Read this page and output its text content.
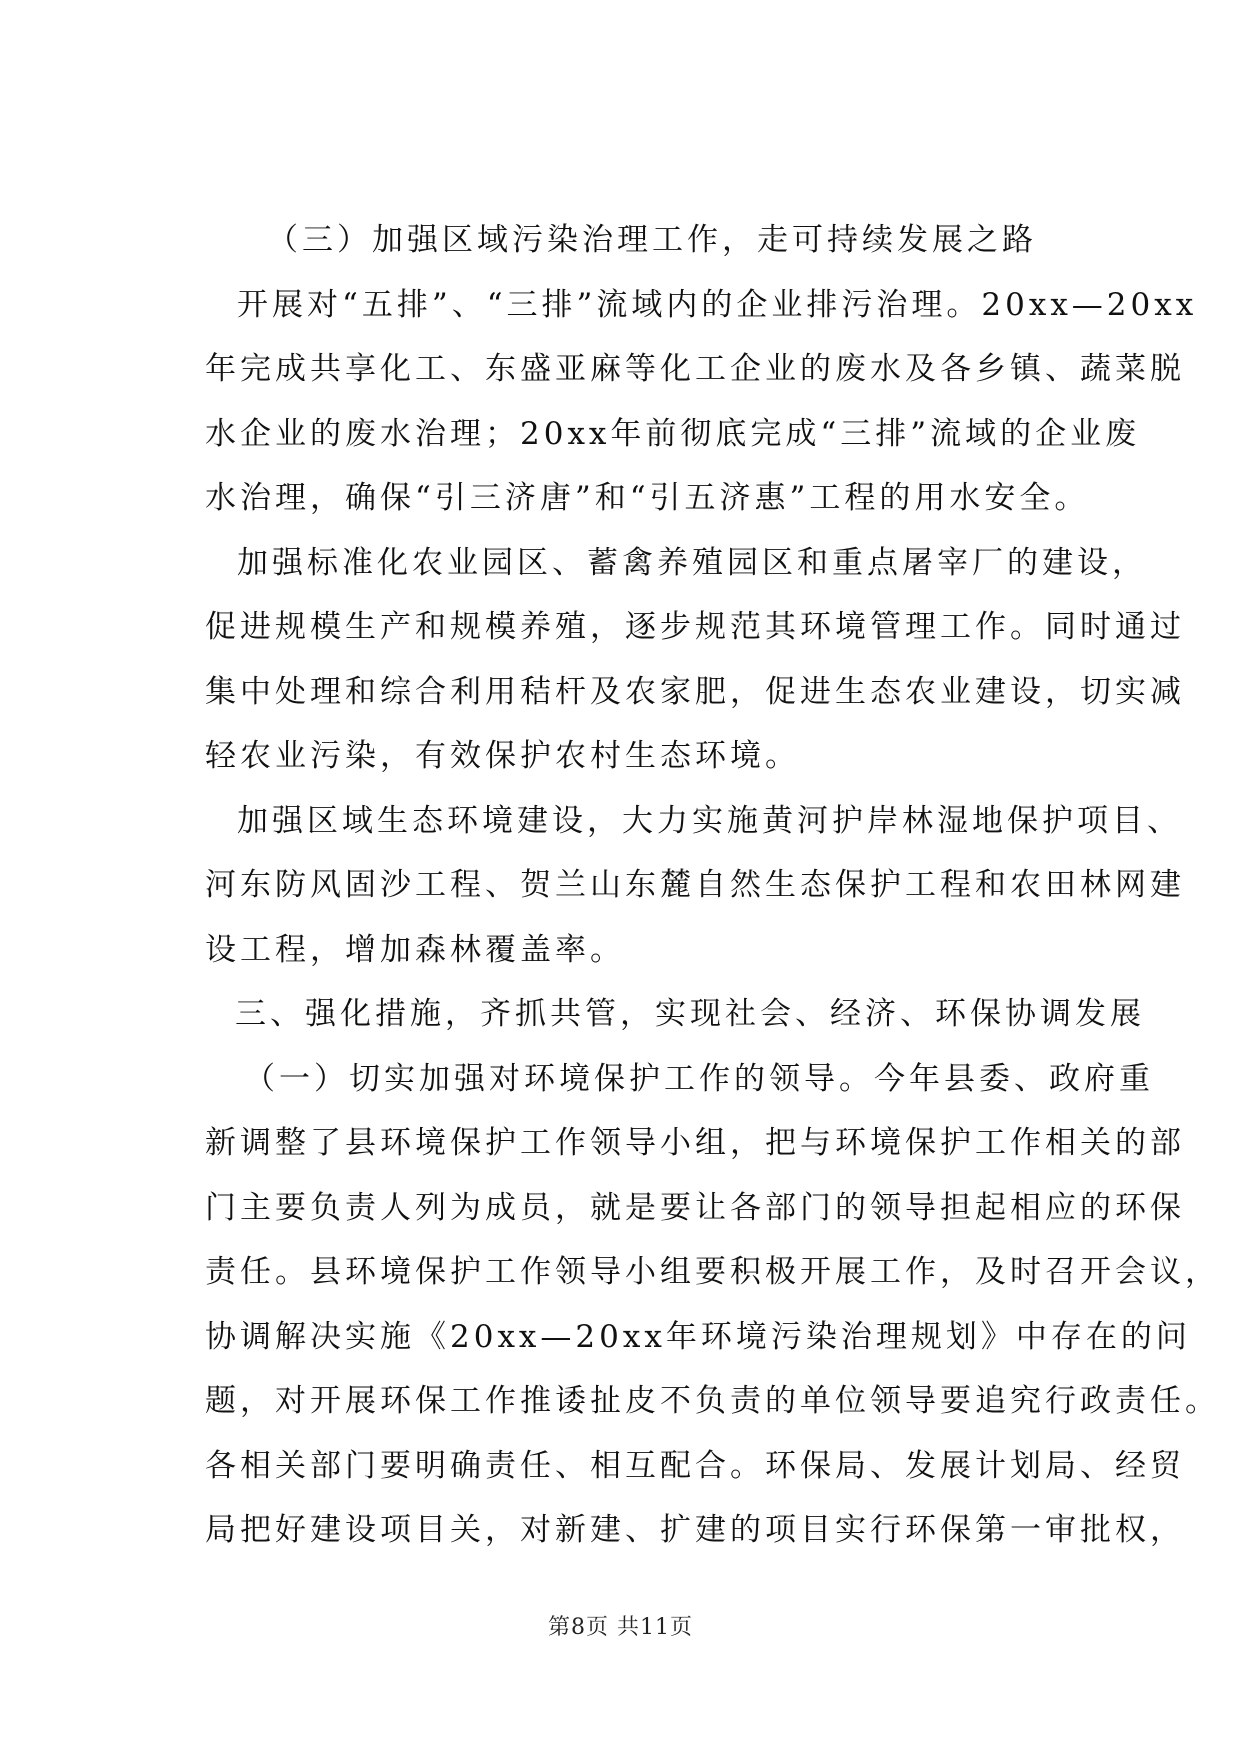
（三）加强区域污染治理工作，走可持续发展之路
开展对“五排”、“三排”流域内的企业排污治理。20xx—20xx
年完成共享化工、东盛亚麻等化工企业的废水及各乡镇、蔬菜脱
水企业的废水治理；20xx年前彻底完成“三排”流域的企业废
水治理，确保“引三济唐”和“引五济惠”工程的用水安全。
加强标准化农业园区、蓄禽养殖园区和重点屠宰厂的建设，
促进规模生产和规模养殖，逐步规范其环境管理工作。同时通过
集中处理和综合利用秸杆及农家肥，促进生态农业建设，切实减
轻农业污染，有效保护农村生态环境。
加强区域生态环境建设，大力实施黄河护岸林湿地保护项目、
河东防风固沙工程、贺兰山东麓自然生态保护工程和农田林网建
设工程，增加森林覆盖率。
三、强化措施，齐抓共管，实现社会、经济、环保协调发展
（一）切实加强对环境保护工作的领导。今年县委、政府重
新调整了县环境保护工作领导小组，把与环境保护工作相关的部
门主要负责人列为成员，就是要让各部门的领导担起相应的环保
责任。县环境保护工作领导小组要积极开展工作，及时召开会议，
协调解决实施《20xx—20xx年环境污染治理规划》中存在的问
题，对开展环保工作推诿扯皮不负责的单位领导要追究行政责任。
各相关部门要明确责任、相互配合。环保局、发展计划局、经贸
局把好建设项目关，对新建、扩建的项目实行环保第一审批权，
第8页 共11页
